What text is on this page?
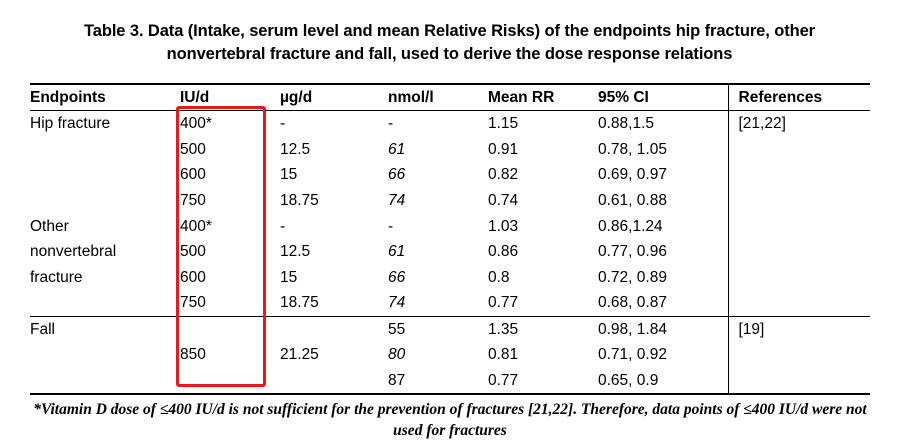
Table 3. Data (Intake, serum level and mean Relative Risks) of the endpoints hip fracture, other nonvertebral fracture and fall, used to derive the dose response relations
Endpoints	IU/d	µg/d	nmol/l	Mean RR	95% CI	References
Hip fracture	400*	-	-	1.15	0.88,1.5	[21,22]
	500	12.5	61	0.91	0.78, 1.05	
	600	15	66	0.82	0.69, 0.97	
	750	18.75	74	0.74	0.61, 0.88	
Other	400*	-	-	1.03	0.86,1.24	
nonvertebral	500	12.5	61	0.86	0.77, 0.96	
fracture	600	15	66	0.8	0.72, 0.89	
	750	18.75	74	0.77	0.68, 0.87	
Fall			55	1.35	0.98, 1.84	[19]
	850	21.25	80	0.81	0.71, 0.92	
			87	0.77	0.65, 0.9	
*Vitamin D dose of ≤400 IU/d is not sufficient for the prevention of fractures [21,22]. Therefore, data points of ≤400 IU/d were not used for fractures
